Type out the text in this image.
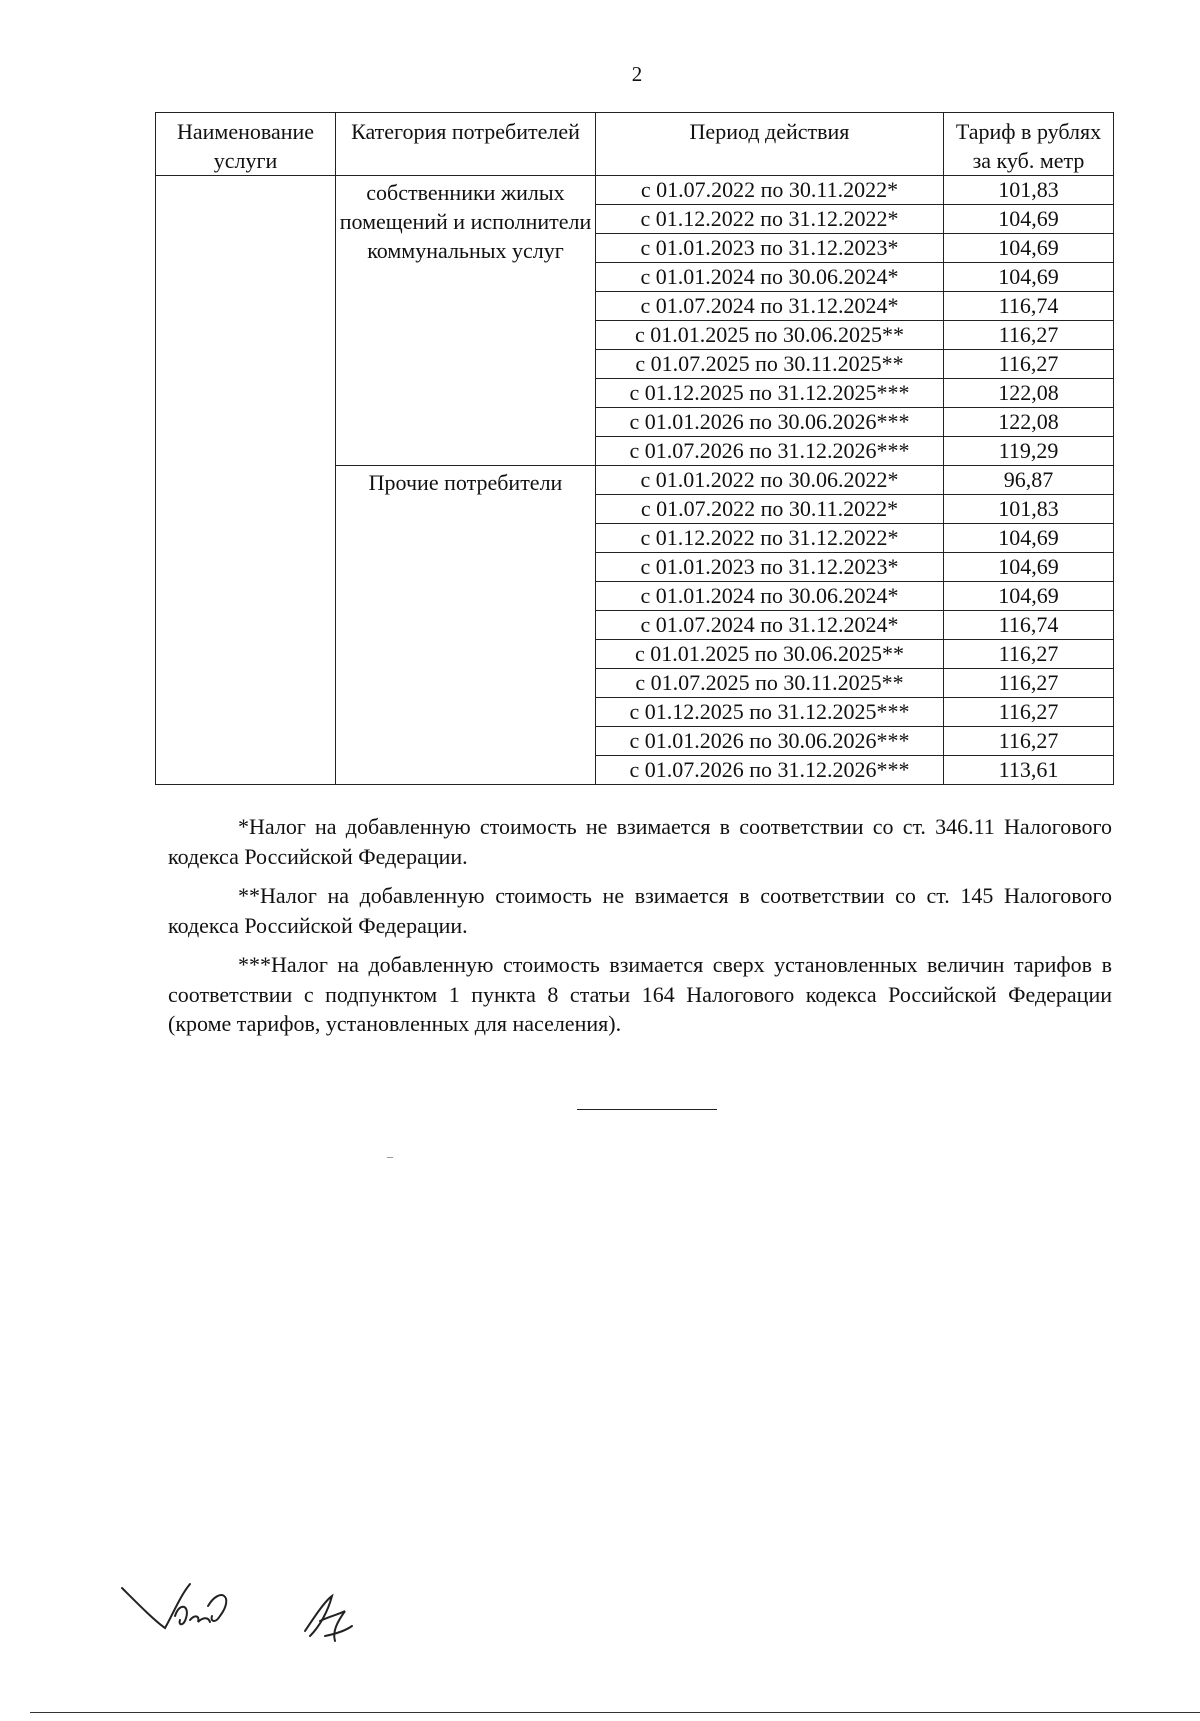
2
Наименование услуги	Категория потребителей	Период действия	Тариф в рублях за куб. метр
	собственники жилых помещений и исполнители коммунальных услуг	с 01.07.2022 по 30.11.2022*	101,83
		с 01.12.2022 по 31.12.2022*	104,69
		с 01.01.2023 по 31.12.2023*	104,69
		с 01.01.2024 по 30.06.2024*	104,69
		с 01.07.2024 по 31.12.2024*	116,74
		с 01.01.2025 по 30.06.2025**	116,27
		с 01.07.2025 по 30.11.2025**	116,27
		с 01.12.2025 по 31.12.2025***	122,08
		с 01.01.2026 по 30.06.2026***	122,08
		с 01.07.2026 по 31.12.2026***	119,29
	Прочие потребители	с 01.01.2022 по 30.06.2022*	96,87
		с 01.07.2022 по 30.11.2022*	101,83
		с 01.12.2022 по 31.12.2022*	104,69
		с 01.01.2023 по 31.12.2023*	104,69
		с 01.01.2024 по 30.06.2024*	104,69
		с 01.07.2024 по 31.12.2024*	116,74
		с 01.01.2025 по 30.06.2025**	116,27
		с 01.07.2025 по 30.11.2025**	116,27
		с 01.12.2025 по 31.12.2025***	116,27
		с 01.01.2026 по 30.06.2026***	116,27
		с 01.07.2026 по 31.12.2026***	113,61

*Налог на добавленную стоимость не взимается в соответствии со ст. 346.11 Налогового кодекса Российской Федерации.

**Налог на добавленную стоимость не взимается в соответствии со ст. 145 Налогового кодекса Российской Федерации.

***Налог на добавленную стоимость взимается сверх установленных величин тарифов в соответствии с подпунктом 1 пункта 8 статьи 164 Налогового кодекса Российской Федерации (кроме тарифов, установленных для населения).
